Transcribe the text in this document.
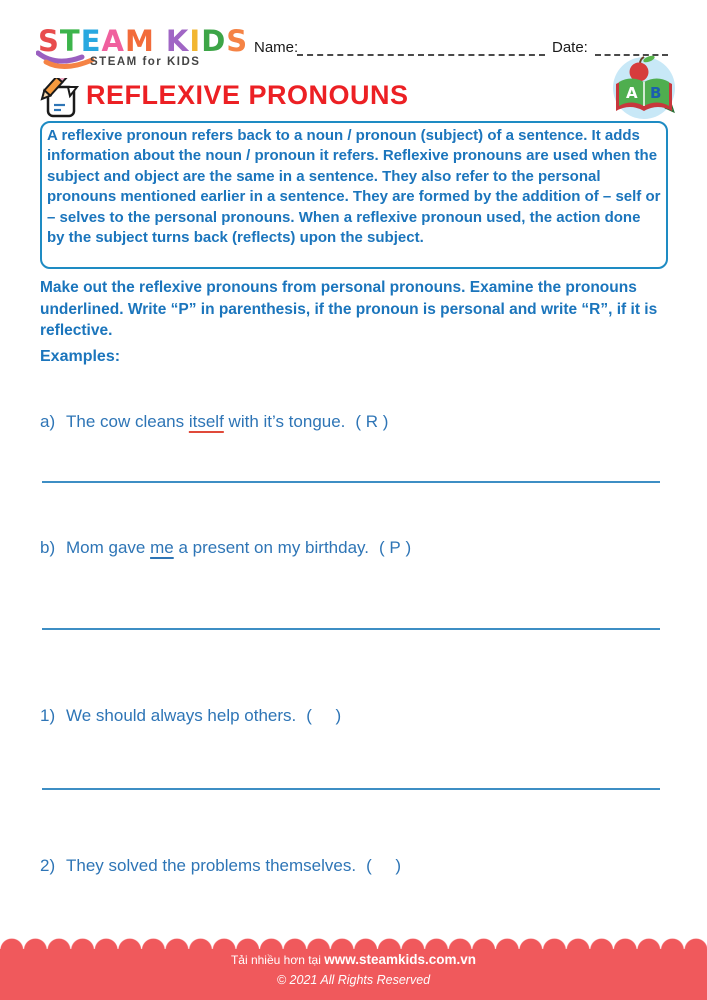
STEAM KIDS
STEAM for KIDS
Name:	Date:
A B
REFLEXIVE PRONOUNS
A reflexive pronoun refers back to a noun / pronoun (subject) of a sentence. It adds information about the noun / pronoun it refers. Reflexive pronouns are used when the subject and object are the same in a sentence. They also refer to the personal pronouns mentioned earlier in a sentence. They are formed by the addition of – self or – selves to the personal pronouns. When a reflexive pronoun used, the action done by the subject turns back (reflects) upon the subject.

Make out the reflexive pronouns from personal pronouns. Examine the pronouns underlined. Write “P” in parenthesis, if the pronoun is personal and write “R”, if it is reflective.

Examples:

a) The cow cleans itself with it’s tongue. ( R )
b) Mom gave me a present on my birthday. ( P )
1) We should always help others. (     )
2) They solved the problems themselves. (     )
Tải nhiều hơn tại www.steamkids.com.vn
© 2021 All Rights Reserved
